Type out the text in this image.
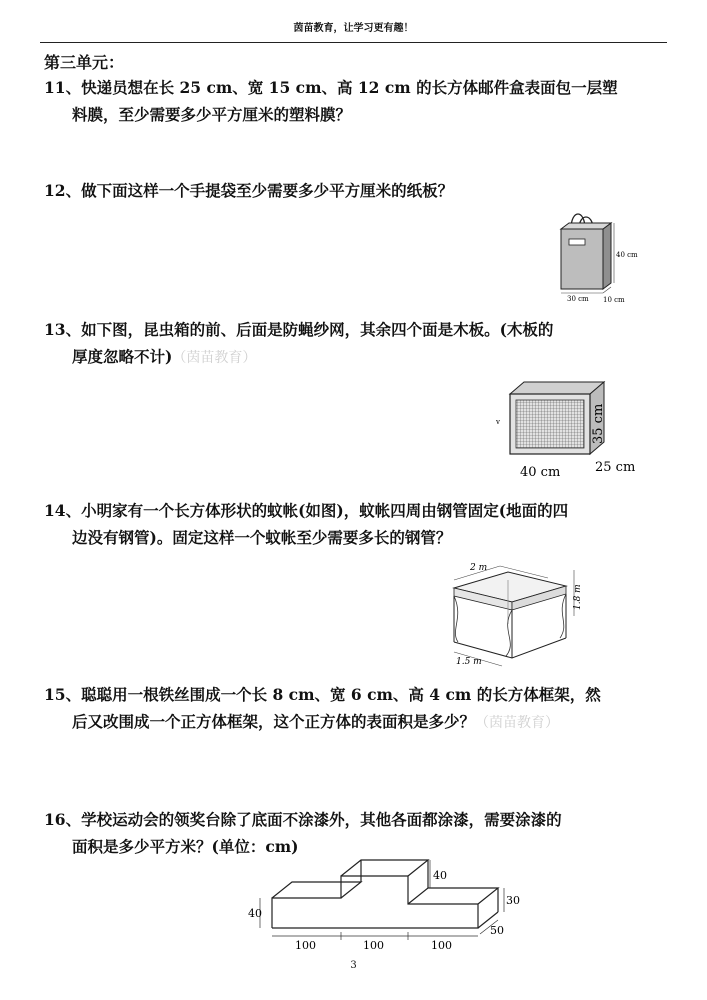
茵苗教育，让学习更有趣！
第三单元：
11、快递员想在长 25 cm、宽 15 cm、高 12 cm 的长方体邮件盒表面包一层塑
料膜，至少需要多少平方厘米的塑料膜？
12、做下面这样一个手提袋至少需要多少平方厘米的纸板？
40 cm
30 cm 10 cm
13、如下图，昆虫箱的前、后面是防蝇纱网，其余四个面是木板。(木板的
厚度忽略不计)（茵苗教育）
v
40 cm	25 cm
35 cm
14、小明家有一个长方体形状的蚊帐(如图)，蚊帐四周由钢管固定(地面的四
边没有钢管)。固定这样一个蚊帐至少需要多长的钢管？
2 m
1.5 m
1.8 m
15、聪聪用一根铁丝围成一个长 8 cm、宽 6 cm、高 4 cm 的长方体框架，然
后又改围成一个正方体框架，这个正方体的表面积是多少？（茵苗教育）
16、学校运动会的领奖台除了底面不涂漆外，其他各面都涂漆，需要涂漆的
面积是多少平方米？(单位：cm)
40
40
30
50
100	100	100
3
